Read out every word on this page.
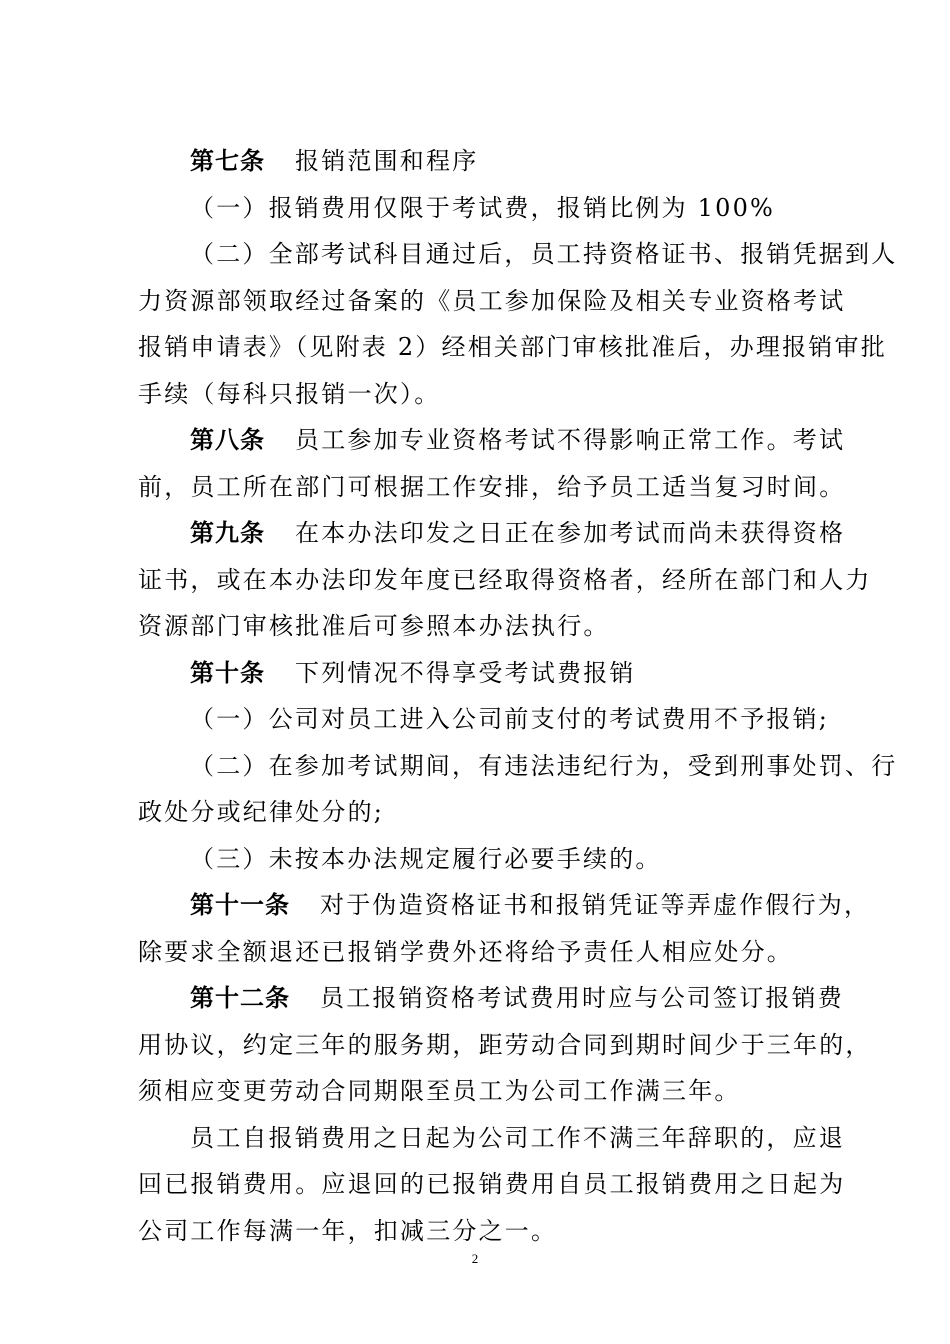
第七条 报销范围和程序
（一）报销费用仅限于考试费，报销比例为 100%
（二）全部考试科目通过后，员工持资格证书、报销凭据到人
力资源部领取经过备案的《员工参加保险及相关专业资格考试
报销申请表》（见附表 2）经相关部门审核批准后，办理报销审批
手续（每科只报销一次）。
第八条 员工参加专业资格考试不得影响正常工作。考试
前，员工所在部门可根据工作安排，给予员工适当复习时间。
第九条 在本办法印发之日正在参加考试而尚未获得资格
证书，或在本办法印发年度已经取得资格者，经所在部门和人力
资源部门审核批准后可参照本办法执行。
第十条 下列情况不得享受考试费报销
（一）公司对员工进入公司前支付的考试费用不予报销;
（二）在参加考试期间，有违法违纪行为，受到刑事处罚、行
政处分或纪律处分的;
（三）未按本办法规定履行必要手续的。
第十一条 对于伪造资格证书和报销凭证等弄虚作假行为，
除要求全额退还已报销学费外还将给予责任人相应处分。
第十二条 员工报销资格考试费用时应与公司签订报销费
用协议，约定三年的服务期，距劳动合同到期时间少于三年的，
须相应变更劳动合同期限至员工为公司工作满三年。
员工自报销费用之日起为公司工作不满三年辞职的，应退
回已报销费用。应退回的已报销费用自员工报销费用之日起为
公司工作每满一年，扣减三分之一。
2
